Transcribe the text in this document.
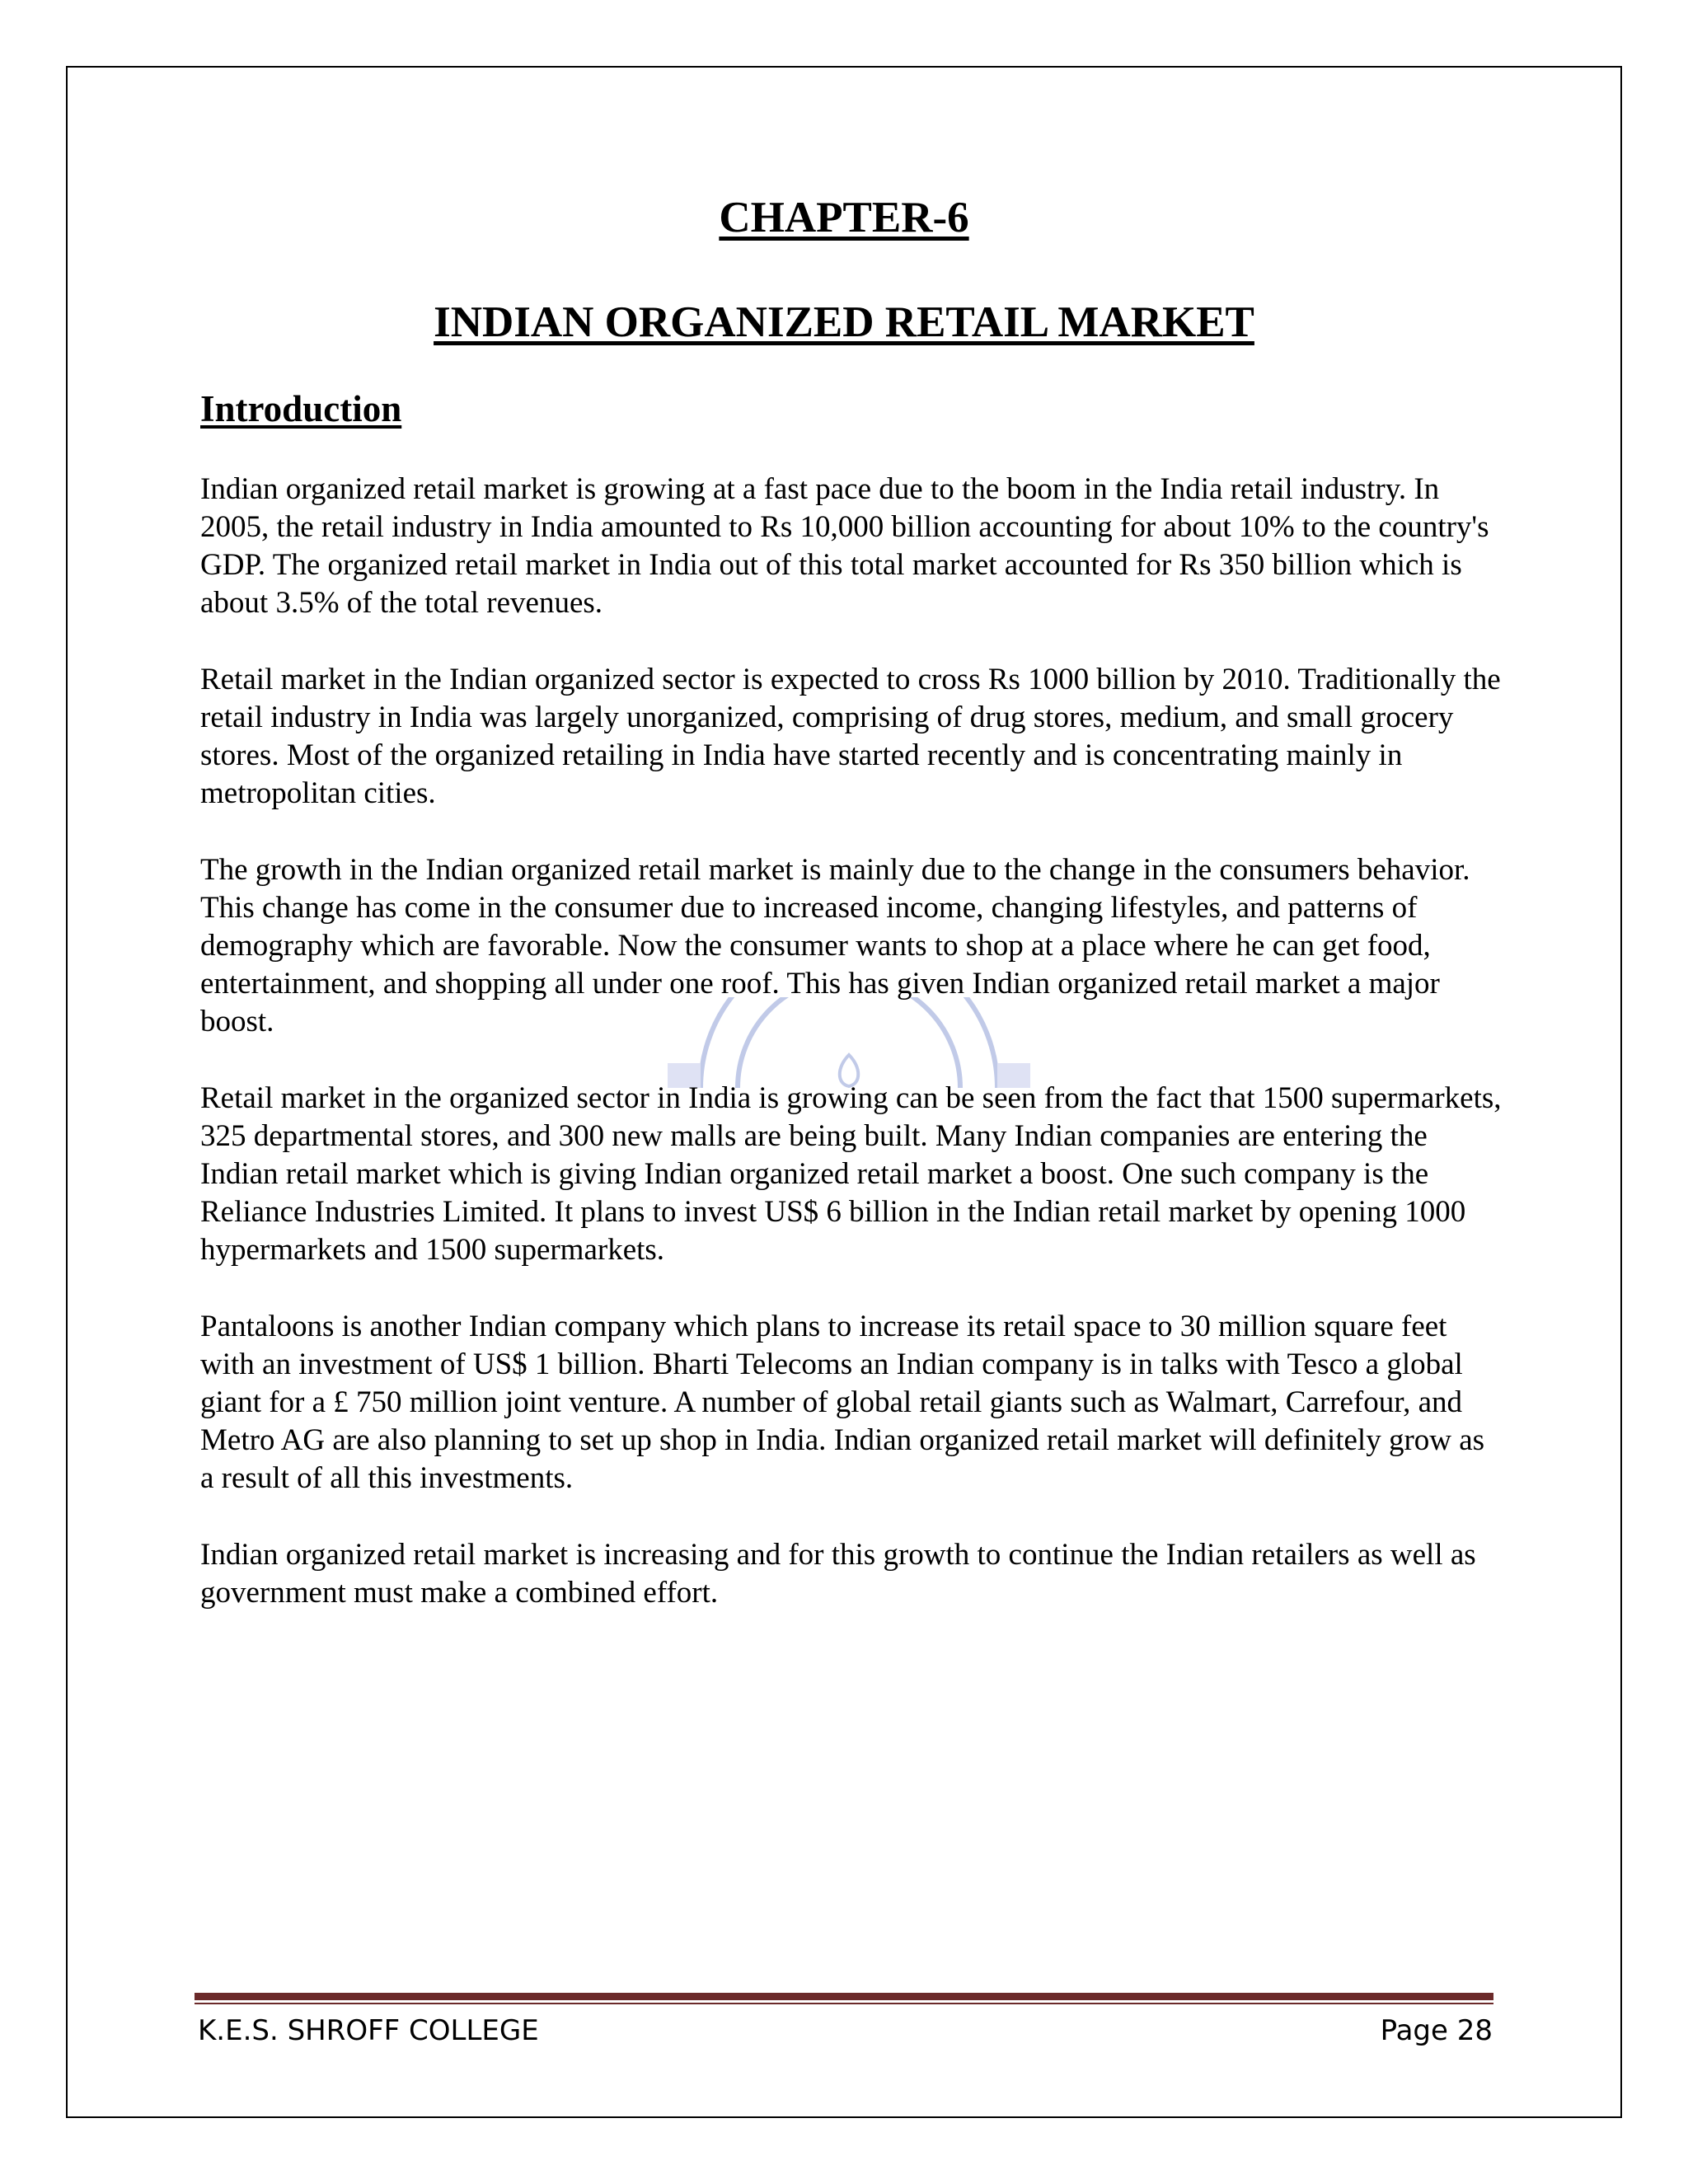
CHAPTER-6
INDIAN ORGANIZED RETAIL MARKET
Introduction

Indian organized retail market is growing at a fast pace due to the boom in the India retail industry. In 2005, the retail industry in India amounted to Rs 10,000 billion accounting for about 10% to the country's GDP. The organized retail market in India out of this total market accounted for Rs 350 billion which is about 3.5% of the total revenues.

Retail market in the Indian organized sector is expected to cross Rs 1000 billion by 2010. Traditionally the retail industry in India was largely unorganized, comprising of drug stores, medium, and small grocery stores. Most of the organized retailing in India have started recently and is concentrating mainly in metropolitan cities.

The growth in the Indian organized retail market is mainly due to the change in the consumers behavior. This change has come in the consumer due to increased income, changing lifestyles, and patterns of demography which are favorable. Now the consumer wants to shop at a place where he can get food, entertainment, and shopping all under one roof. This has given Indian organized retail market a major boost.

Retail market in the organized sector in India is growing can be seen from the fact that 1500 supermarkets, 325 departmental stores, and 300 new malls are being built. Many Indian companies are entering the Indian retail market which is giving Indian organized retail market a boost. One such company is the Reliance Industries Limited. It plans to invest US$ 6 billion in the Indian retail market by opening 1000 hypermarkets and 1500 supermarkets.

Pantaloons is another Indian company which plans to increase its retail space to 30 million square feet with an investment of US$ 1 billion. Bharti Telecoms an Indian company is in talks with Tesco a global giant for a £ 750 million joint venture. A number of global retail giants such as Walmart, Carrefour, and Metro AG are also planning to set up shop in India. Indian organized retail market will definitely grow as a result of all this investments.

Indian organized retail market is increasing and for this growth to continue the Indian retailers as well as government must make a combined effort.

K.E.S. SHROFF COLLEGE	Page 28
